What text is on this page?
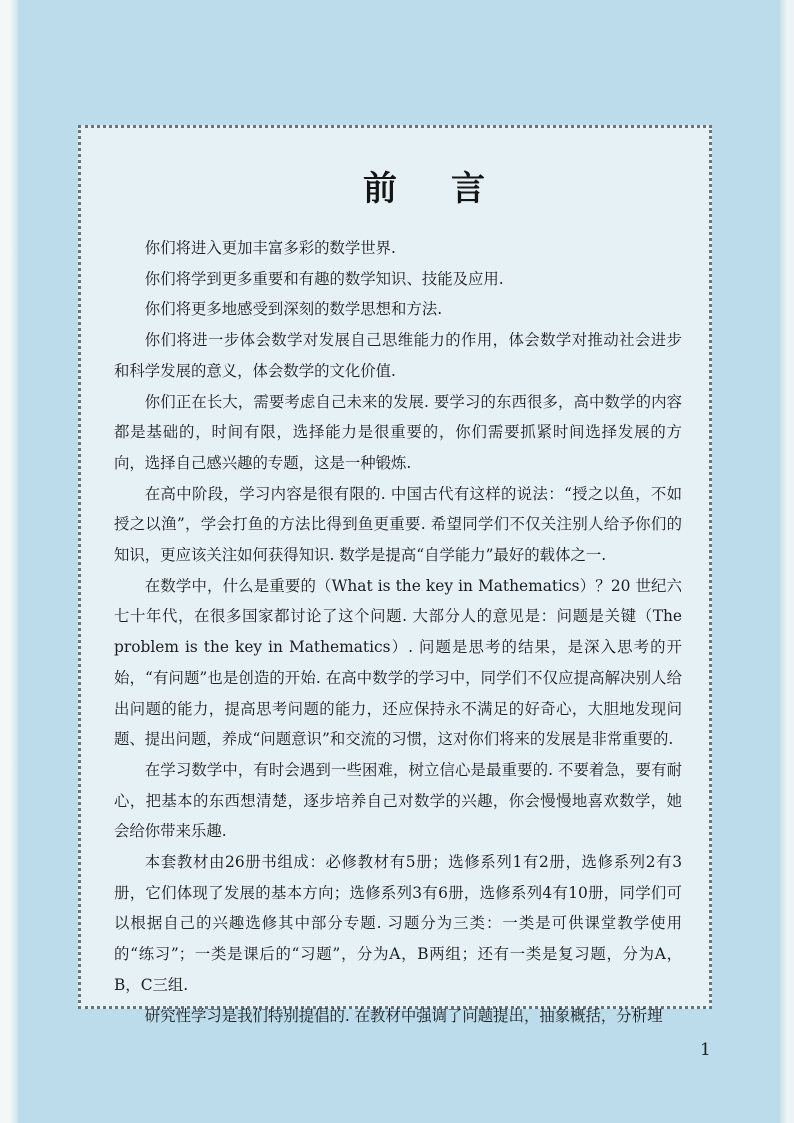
前言

你们将进入更加丰富多彩的数学世界.

你们将学到更多重要和有趣的数学知识、技能及应用.

你们将更多地感受到深刻的数学思想和方法.

你们将进一步体会数学对发展自己思维能力的作用，体会数学对推动社会进步和科学发展的意义，体会数学的文化价值.

你们正在长大，需要考虑自己未来的发展. 要学习的东西很多，高中数学的内容都是基础的，时间有限，选择能力是很重要的，你们需要抓紧时间选择发展的方向，选择自己感兴趣的专题，这是一种锻炼.

在高中阶段，学习内容是很有限的. 中国古代有这样的说法：“授之以鱼，不如授之以渔”，学会打鱼的方法比得到鱼更重要. 希望同学们不仅关注别人给予你们的知识，更应该关注如何获得知识. 数学是提高“自学能力”最好的载体之一.

在数学中，什么是重要的（What is the key in Mathematics）？20 世纪六七十年代，在很多国家都讨论了这个问题. 大部分人的意见是：问题是关键（The problem is the key in Mathematics）. 问题是思考的结果，是深入思考的开始，“有问题”也是创造的开始. 在高中数学的学习中，同学们不仅应提高解决别人给出问题的能力，提高思考问题的能力，还应保持永不满足的好奇心，大胆地发现问题、提出问题，养成“问题意识”和交流的习惯，这对你们将来的发展是非常重要的.

在学习数学中，有时会遇到一些困难，树立信心是最重要的. 不要着急，要有耐心，把基本的东西想清楚，逐步培养自己对数学的兴趣，你会慢慢地喜欢数学，她会给你带来乐趣.

本套教材由26册书组成：必修教材有5册；选修系列1有2册，选修系列2有3册，它们体现了发展的基本方向；选修系列3有6册，选修系列4有10册，同学们可以根据自己的兴趣选修其中部分专题. 习题分为三类：一类是可供课堂教学使用的“练习”；一类是课后的“习题”，分为A，B两组；还有一类是复习题，分为A，B，C三组.

研究性学习是我们特别提倡的. 在教材中强调了问题提出，抽象概括，分析理

1
